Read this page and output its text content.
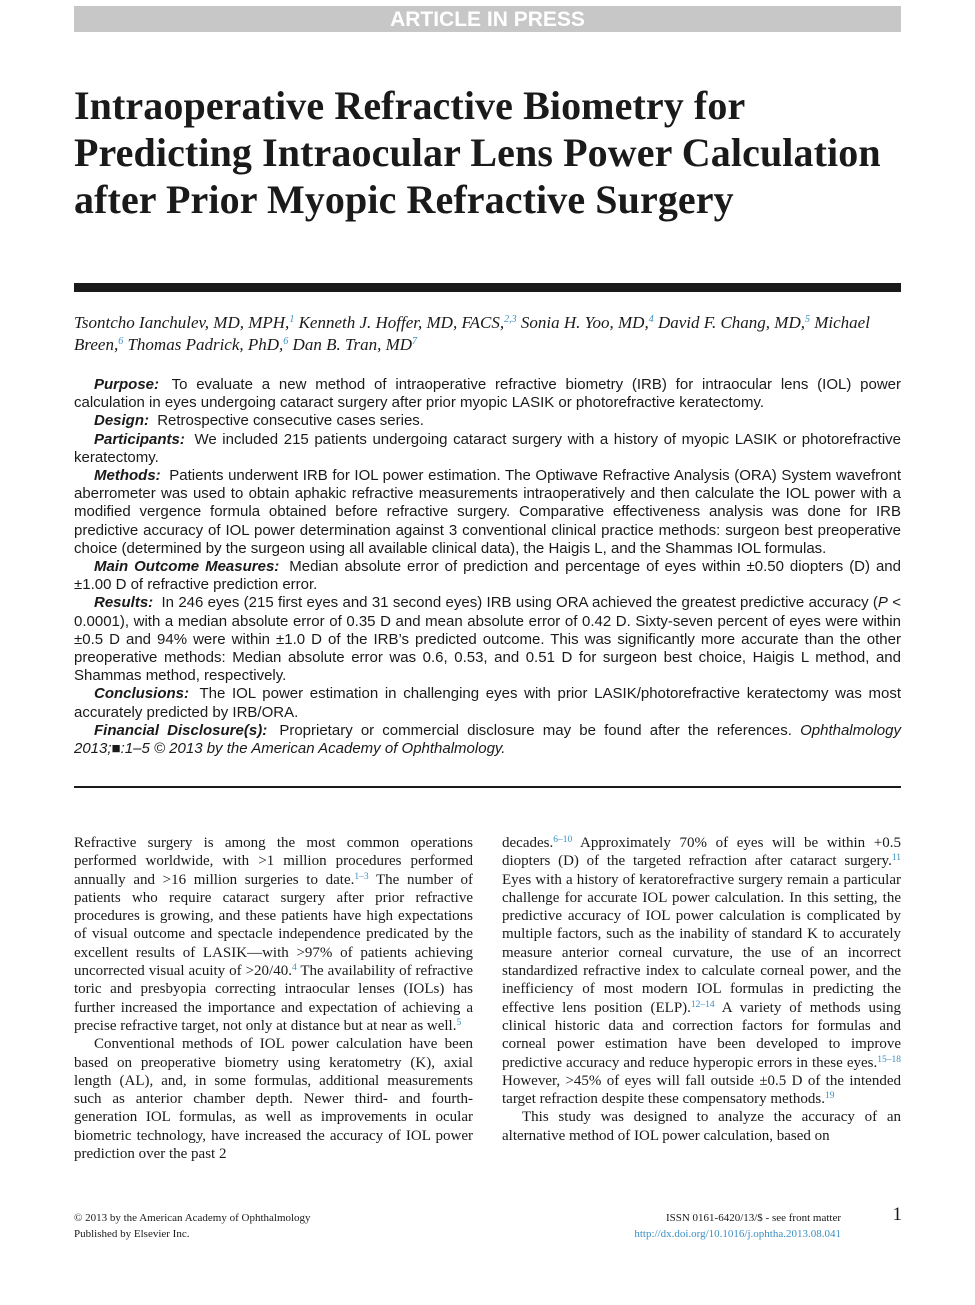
ARTICLE IN PRESS
Intraoperative Refractive Biometry for Predicting Intraocular Lens Power Calculation after Prior Myopic Refractive Surgery
Tsontcho Ianchulev, MD, MPH,$^1$ Kenneth J. Hoffer, MD, FACS,$^{2,3}$ Sonia H. Yoo, MD,$^4$ David F. Chang, MD,$^5$ Michael Breen,$^6$ Thomas Padrick, PhD,$^6$ Dan B. Tran, $MD^7$

Purpose: To evaluate a new method of intraoperative refractive biometry (IRB) for intraocular lens (IOL) power calculation in eyes undergoing cataract surgery after prior myopic LASIK or photorefractive keratectomy.

Design: Retrospective consecutive cases series.

Participants: We included 215 patients undergoing cataract surgery with a history of myopic LASIK or photorefractive keratectomy.

Methods: Patients underwent IRB for IOL power estimation. The Optiwave Refractive Analysis (ORA) System wavefront aberrometer was used to obtain aphakic refractive measurements intraoperatively and then calculate the IOL power with a modified vergence formula obtained before refractive surgery. Comparative effectiveness analysis was done for IRB predictive accuracy of IOL power determination against 3 conventional clinical practice methods: surgeon best preoperative choice (determined by the surgeon using all available clinical data), the Haigis L, and the Shammas IOL formulas.

Main Outcome Measures: Median absolute error of prediction and percentage of eyes within ±0.50 diopters (D) and ±1.00 D of refractive prediction error.

Results: In 246 eyes (215 first eyes and 31 second eyes) IRB using ORA achieved the greatest predictive accuracy (P < 0.0001), with a median absolute error of 0.35 D and mean absolute error of 0.42 D. Sixty-seven percent of eyes were within ±0.5 D and 94% were within ±1.0 D of the IRB’s predicted outcome. This was significantly more accurate than the other preoperative methods: Median absolute error was 0.6, 0.53, and 0.51 D for surgeon best choice, Haigis L method, and Shammas method, respectively.

Conclusions: The IOL power estimation in challenging eyes with prior LASIK/photorefractive keratectomy was most accurately predicted by IRB/ORA.

Financial Disclosure(s): Proprietary or commercial disclosure may be found after the references. Ophthalmology 2013;■:1–5 © 2013 by the American Academy of Ophthalmology.

Refractive surgery is among the most common operations performed worldwide, with >1 million procedures performed annually and >16 million surgeries to date.$^{1-3}$ The number of patients who require cataract surgery after prior refractive procedures is growing, and these patients have high expectations of visual outcome and spectacle independence predicated by the excellent results of LASIK—with >97% of patients achieving uncorrected visual acuity of >20/40.$^4$ The availability of refractive toric and presbyopia correcting intraocular lenses (IOLs) has further increased the importance and expectation of achieving a precise refractive target, not only at distance but at near as well.$^5$

Conventional methods of IOL power calculation have been based on preoperative biometry using keratometry (K), axial length (AL), and, in some formulas, additional measurements such as anterior chamber depth. Newer third- and fourth-generation IOL formulas, as well as improvements in ocular biometric technology, have increased the accuracy of IOL power prediction over the past 2

decades.$^{6-10}$ Approximately 70% of eyes will be within +0.5 diopters (D) of the targeted refraction after cataract surgery.$^{11}$ Eyes with a history of keratorefractive surgery remain a particular challenge for accurate IOL power calculation. In this setting, the predictive accuracy of IOL power calculation is complicated by multiple factors, such as the inability of standard K to accurately measure anterior corneal curvature, the use of an incorrect standardized refractive index to calculate corneal power, and the inefficiency of most modern IOL formulas in predicting the effective lens position (ELP).$^{12-14}$ A variety of methods using clinical historic data and correction factors for formulas and corneal power estimation have been developed to improve predictive accuracy and reduce hyperopic errors in these eyes.$^{15-18}$ However, >45% of eyes will fall outside ±0.5 D of the intended target refraction despite these compensatory methods.$^{19}$

This study was designed to analyze the accuracy of an alternative method of IOL power calculation, based on

© 2013 by the American Academy of Ophthalmology
Published by Elsevier Inc.
ISSN 0161-6420/13/$ - see front matter
http://dx.doi.org/10.1016/j.ophtha.2013.08.041
1
